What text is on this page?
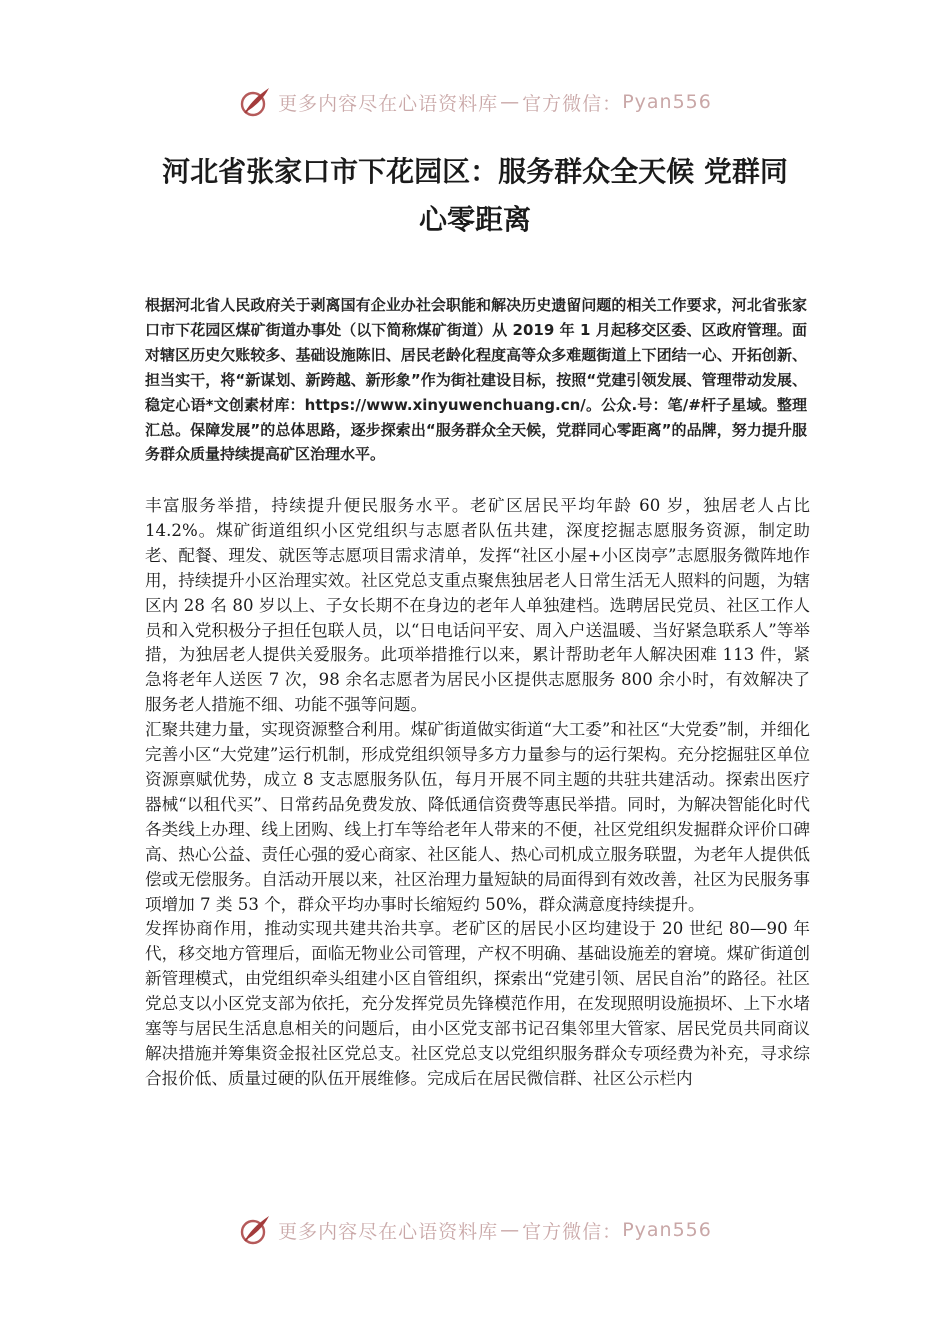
更多内容尽在心语资料库 — 官方微信： Pyan556
河北省张家口市下花园区：服务群众全天候 党群同
心零距离
根据河北省人民政府关于剥离国有企业办社会职能和解决历史遗留问题的相关工作要求，河北省张家口市下花园区煤矿街道办事处（以下简称煤矿街道）从 2019 年 1 月起移交区委、区政府管理。面对辖区历史欠账较多、基础设施陈旧、居民老龄化程度高等众多难题街道上下团结一心、开拓创新、担当实干，将“新谋划、新跨越、新形象”作为街社建设目标，按照“党建引领发展、管理带动发展、稳定心语*文创素材库：https://www.xinyuwenchuang.cn/。公众.号：笔/#杆子星域。整理汇总。保障发展”的总体思路，逐步探索出“服务群众全天候，党群同心零距离”的品牌，努力提升服务群众质量持续提高矿区治理水平。

丰富服务举措，持续提升便民服务水平。老矿区居民平均年龄 60 岁，独居老人占比 14.2%。煤矿街道组织小区党组织与志愿者队伍共建，深度挖掘志愿服务资源，制定助老、配餐、理发、就医等志愿项目需求清单，发挥“社区小屋+小区岗亭”志愿服务微阵地作用，持续提升小区治理实效。社区党总支重点聚焦独居老人日常生活无人照料的问题，为辖区内 28 名 80 岁以上、子女长期不在身边的老年人单独建档。选聘居民党员、社区工作人员和入党积极分子担任包联人员，以“日电话问平安、周入户送温暖、当好紧急联系人”等举措，为独居老人提供关爱服务。此项举措推行以来，累计帮助老年人解决困难 113 件，紧急将老年人送医 7 次，98 余名志愿者为居民小区提供志愿服务 800 余小时，有效解决了服务老人措施不细、功能不强等问题。

汇聚共建力量，实现资源整合利用。煤矿街道做实街道“大工委”和社区“大党委”制，并细化完善小区“大党建”运行机制，形成党组织领导多方力量参与的运行架构。充分挖掘驻区单位资源禀赋优势，成立 8 支志愿服务队伍，每月开展不同主题的共驻共建活动。探索出医疗器械“以租代买”、日常药品免费发放、降低通信资费等惠民举措。同时，为解决智能化时代各类线上办理、线上团购、线上打车等给老年人带来的不便，社区党组织发掘群众评价口碑高、热心公益、责任心强的爱心商家、社区能人、热心司机成立服务联盟，为老年人提供低偿或无偿服务。自活动开展以来，社区治理力量短缺的局面得到有效改善，社区为民服务事项增加 7 类 53 个，群众平均办事时长缩短约 50%，群众满意度持续提升。

发挥协商作用，推动实现共建共治共享。老矿区的居民小区均建设于 20 世纪 80—90 年代，移交地方管理后，面临无物业公司管理，产权不明确、基础设施差的窘境。煤矿街道创新管理模式，由党组织牵头组建小区自管组织，探索出“党建引领、居民自治”的路径。社区党总支以小区党支部为依托，充分发挥党员先锋模范作用，在发现照明设施损坏、上下水堵塞等与居民生活息息相关的问题后，由小区党支部书记召集邻里大管家、居民党员共同商议解决措施并筹集资金报社区党总支。社区党总支以党组织服务群众专项经费为补充，寻求综合报价低、质量过硬的队伍开展维修。完成后在居民微信群、社区公示栏内

更多内容尽在心语资料库 — 官方微信： Pyan556
